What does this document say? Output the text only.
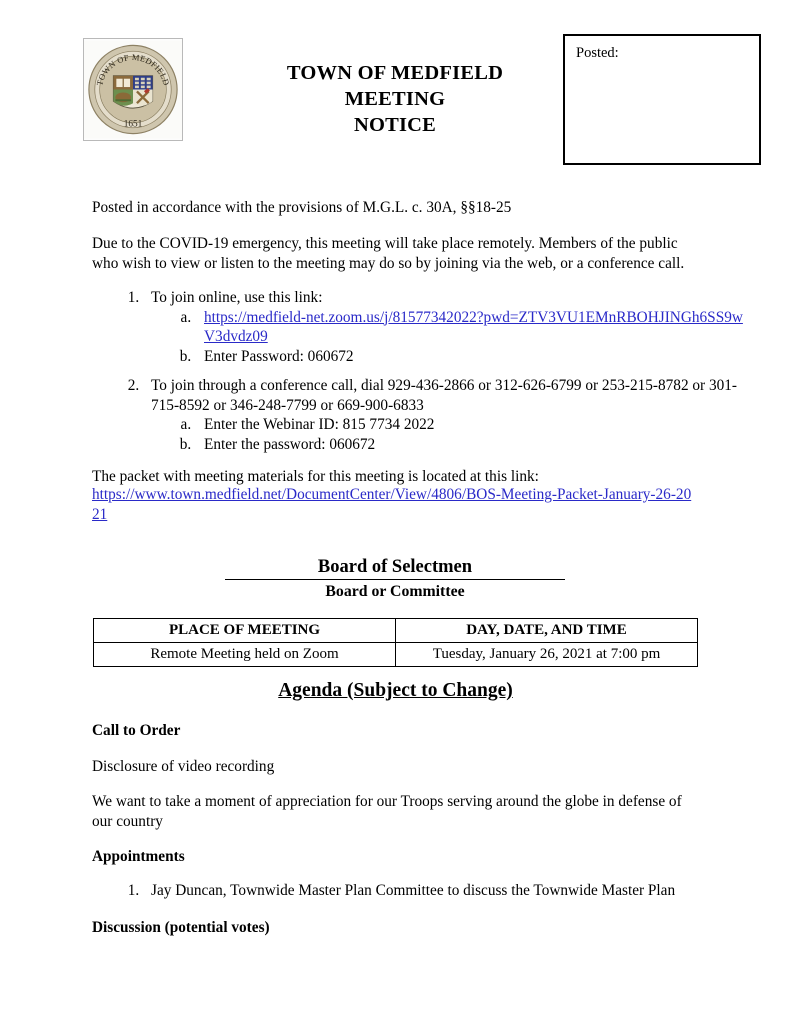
TOWN OF MEDFIELD
1651
TOWN OF MEDFIELD
MEETING
NOTICE
Posted:
Posted in accordance with the provisions of M.G.L. c. 30A, §§18-25
Due to the COVID-19 emergency, this meeting will take place remotely. Members of the public who wish to view or listen to the meeting may do so by joining via the web, or a conference call.
1. To join online, use this link:
a. https://medfield-net.zoom.us/j/81577342022?pwd=ZTV3VU1EMnRBOHJINGh6SS9wV3dvdz09
b. Enter Password: 060672
2. To join through a conference call, dial 929-436-2866 or 312-626-6799 or 253-215-8782 or 301-715-8592 or 346-248-7799 or 669-900-6833
a. Enter the Webinar ID: 815 7734 2022
b. Enter the password: 060672
The packet with meeting materials for this meeting is located at this link:
https://www.town.medfield.net/DocumentCenter/View/4806/BOS-Meeting-Packet-January-26-2021
Board of Selectmen
Board or Committee
PLACE OF MEETING	DAY, DATE, AND TIME
Remote Meeting held on Zoom	Tuesday, January 26, 2021 at 7:00 pm
Agenda (Subject to Change)
Call to Order
Disclosure of video recording
We want to take a moment of appreciation for our Troops serving around the globe in defense of our country
Appointments
1. Jay Duncan, Townwide Master Plan Committee to discuss the Townwide Master Plan
Discussion (potential votes)
